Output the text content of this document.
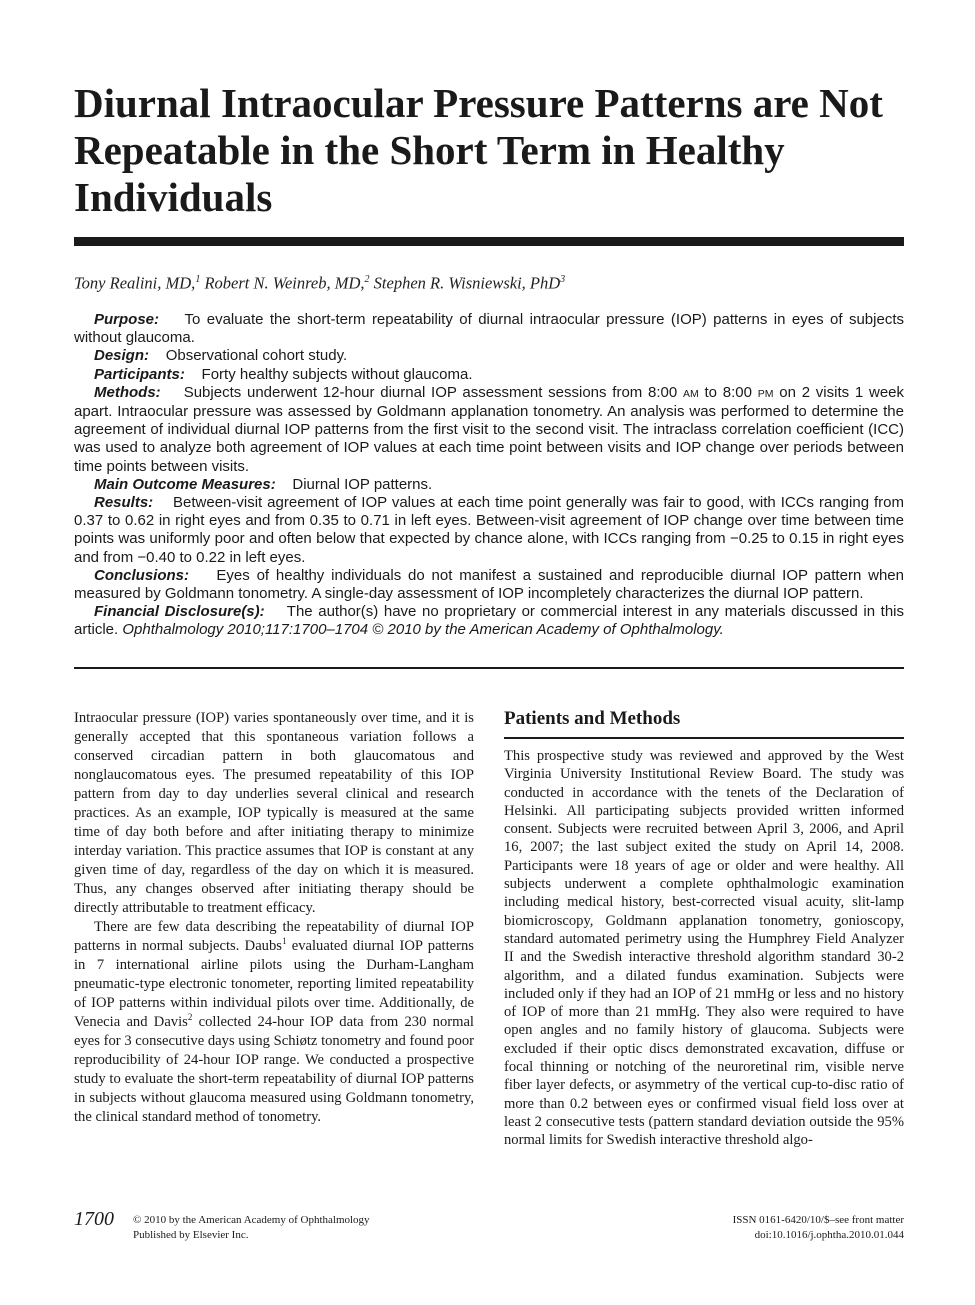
Diurnal Intraocular Pressure Patterns are Not Repeatable in the Short Term in Healthy Individuals
Tony Realini, MD,$^1$ Robert N. Weinreb, MD,$^2$ Stephen R. Wisniewski, PhD$^3$

Purpose: To evaluate the short-term repeatability of diurnal intraocular pressure (IOP) patterns in eyes of subjects without glaucoma.

Design: Observational cohort study.

Participants: Forty healthy subjects without glaucoma.

Methods: Subjects underwent 12-hour diurnal IOP assessment sessions from 8:00 AM to 8:00 PM on 2 visits 1 week apart. Intraocular pressure was assessed by Goldmann applanation tonometry. An analysis was performed to determine the agreement of individual diurnal IOP patterns from the first visit to the second visit. The intraclass correlation coefficient (ICC) was used to analyze both agreement of IOP values at each time point between visits and IOP change over periods between time points between visits.

Main Outcome Measures: Diurnal IOP patterns.

Results: Between-visit agreement of IOP values at each time point generally was fair to good, with ICCs ranging from 0.37 to 0.62 in right eyes and from 0.35 to 0.71 in left eyes. Between-visit agreement of IOP change over time between time points was uniformly poor and often below that expected by chance alone, with ICCs ranging from −0.25 to 0.15 in right eyes and from −0.40 to 0.22 in left eyes.

Conclusions: Eyes of healthy individuals do not manifest a sustained and reproducible diurnal IOP pattern when measured by Goldmann tonometry. A single-day assessment of IOP incompletely characterizes the diurnal IOP pattern.

Financial Disclosure(s): The author(s) have no proprietary or commercial interest in any materials discussed in this article. Ophthalmology 2010;117:1700–1704 © 2010 by the American Academy of Ophthalmology.

Intraocular pressure (IOP) varies spontaneously over time, and it is generally accepted that this spontaneous variation follows a conserved circadian pattern in both glaucomatous and nonglaucomatous eyes. The presumed repeatability of this IOP pattern from day to day underlies several clinical and research practices. As an example, IOP typically is measured at the same time of day both before and after initiating therapy to minimize interday variation. This practice assumes that IOP is constant at any given time of day, regardless of the day on which it is measured. Thus, any changes observed after initiating therapy should be directly attributable to treatment efficacy.

There are few data describing the repeatability of diurnal IOP patterns in normal subjects. Daubs$^1$ evaluated diurnal IOP patterns in 7 international airline pilots using the Durham-Langham pneumatic-type electronic tonometer, reporting limited repeatability of IOP patterns within individual pilots over time. Additionally, de Venecia and Davis$^2$ collected 24-hour IOP data from 230 normal eyes for 3 consecutive days using Schiøtz tonometry and found poor reproducibility of 24-hour IOP range. We conducted a prospective study to evaluate the short-term repeatability of diurnal IOP patterns in subjects without glaucoma measured using Goldmann tonometry, the clinical standard method of tonometry.

Patients and Methods

This prospective study was reviewed and approved by the West Virginia University Institutional Review Board. The study was conducted in accordance with the tenets of the Declaration of Helsinki. All participating subjects provided written informed consent. Subjects were recruited between April 3, 2006, and April 16, 2007; the last subject exited the study on April 14, 2008. Participants were 18 years of age or older and were healthy. All subjects underwent a complete ophthalmologic examination including medical history, best-corrected visual acuity, slit-lamp biomicroscopy, Goldmann applanation tonometry, gonioscopy, standard automated perimetry using the Humphrey Field Analyzer II and the Swedish interactive threshold algorithm standard 30-2 algorithm, and a dilated fundus examination. Subjects were included only if they had an IOP of 21 mmHg or less and no history of IOP of more than 21 mmHg. They also were required to have open angles and no family history of glaucoma. Subjects were excluded if their optic discs demonstrated excavation, diffuse or focal thinning or notching of the neuroretinal rim, visible nerve fiber layer defects, or asymmetry of the vertical cup-to-disc ratio of more than 0.2 between eyes or confirmed visual field loss over at least 2 consecutive tests (pattern standard deviation outside the 95% normal limits for Swedish interactive threshold algo-

1700 © 2010 by the American Academy of Ophthalmology
Published by Elsevier Inc.
ISSN 0161-6420/10/$–see front matter
doi:10.1016/j.ophtha.2010.01.044
